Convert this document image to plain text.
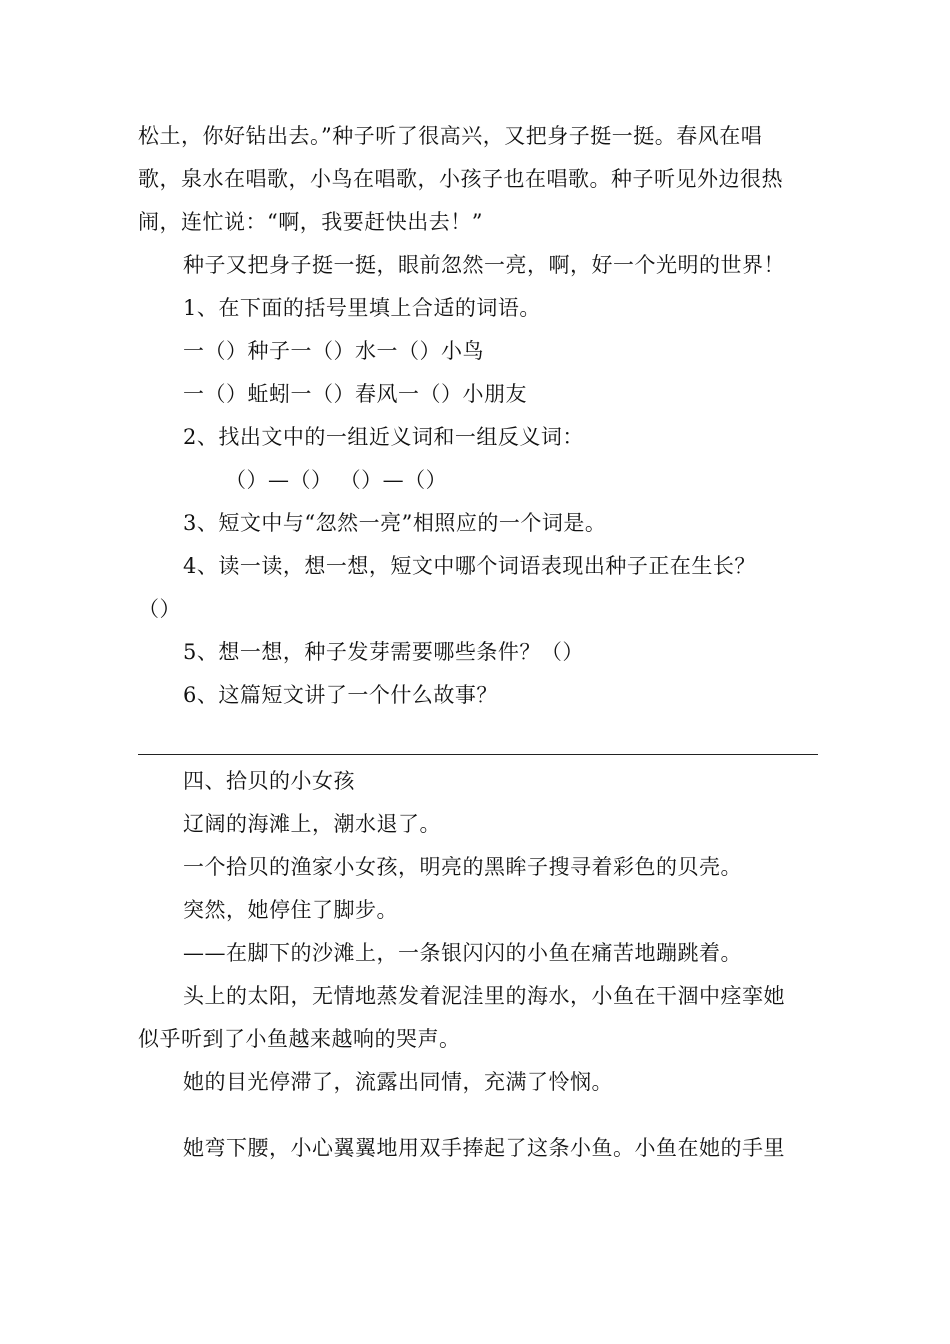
松土，你好钻出去。”种子听了很高兴，又把身子挺一挺。春风在唱
歌，泉水在唱歌，小鸟在唱歌，小孩子也在唱歌。种子听见外边很热
闹，连忙说：“啊，我要赶快出去！”
种子又把身子挺一挺，眼前忽然一亮，啊，好一个光明的世界！
1、在下面的括号里填上合适的词语。
一（）种子一（）水一（）小鸟
一（）蚯蚓一（）春风一（）小朋友
2、找出文中的一组近义词和一组反义词：
（）—（） （）—（）
3、短文中与“忽然一亮”相照应的一个词是。
4、读一读，想一想，短文中哪个词语表现出种子正在生长？
（）
5、想一想，种子发芽需要哪些条件？（）
6、这篇短文讲了一个什么故事？
四、拾贝的小女孩
辽阔的海滩上，潮水退了。
一个拾贝的渔家小女孩，明亮的黑眸子搜寻着彩色的贝壳。
突然，她停住了脚步。
——在脚下的沙滩上，一条银闪闪的小鱼在痛苦地蹦跳着。
头上的太阳，无情地蒸发着泥洼里的海水，小鱼在干涸中痉挛她
似乎听到了小鱼越来越响的哭声。
她的目光停滞了，流露出同情，充满了怜悯。
她弯下腰，小心翼翼地用双手捧起了这条小鱼。小鱼在她的手里
